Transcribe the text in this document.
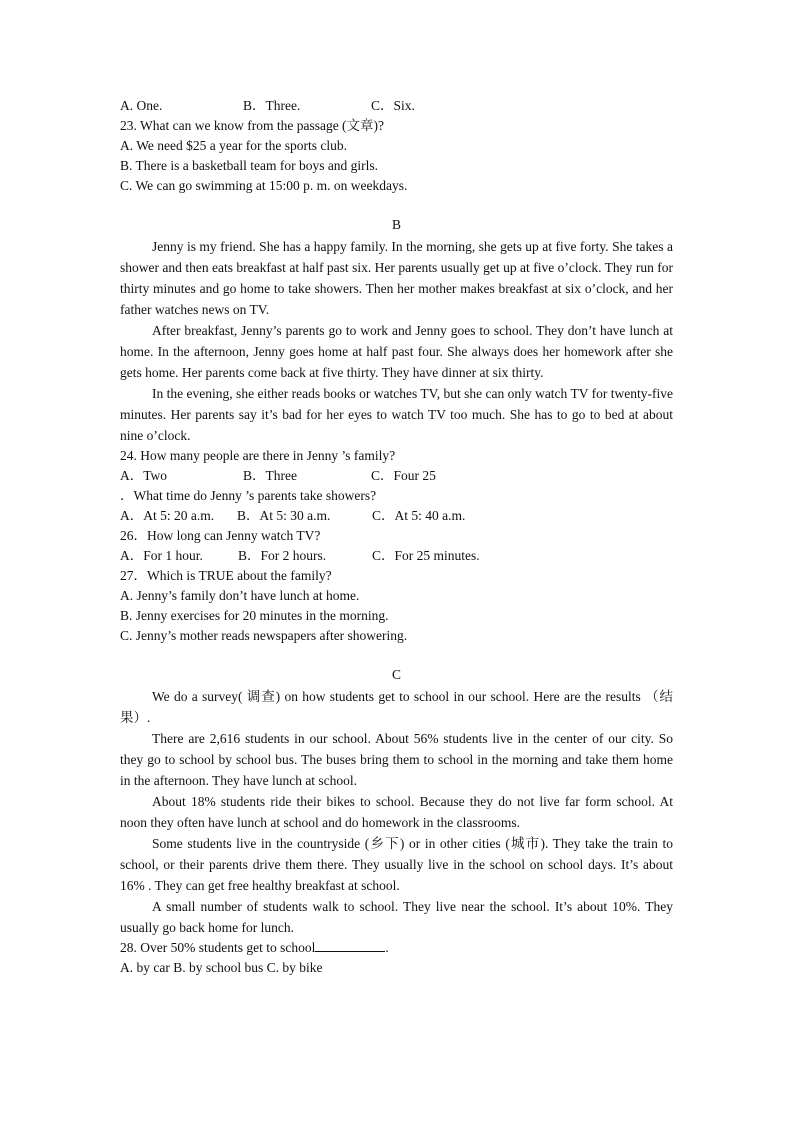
A. One.	B．Three.	C．Six.
23. What can we know from the passage (文章)?
A. We need $25 a year for the sports club.
B. There is a basketball team for boys and girls.
C. We can go swimming at 15:00 p. m. on weekdays.
B

Jenny is my friend. She has a happy family. In the morning, she gets up at five forty. She takes a shower and then eats breakfast at half past six. Her parents usually get up at five o’clock. They run for thirty minutes and go home to take showers. Then her mother makes breakfast at six o’clock, and her father watches news on TV.

After breakfast, Jenny’s parents go to work and Jenny goes to school. They don’t have lunch at home. In the afternoon, Jenny goes home at half past four. She always does her homework after she gets home. Her parents come back at five thirty. They have dinner at six thirty.

In the evening, she either reads books or watches TV, but she can only watch TV for twenty-five minutes. Her parents say it’s bad for her eyes to watch TV too much. She has to go to bed at about nine o’clock.

24. How many people are there in Jenny ’s family?
A．Two	B．Three	C．Four 25
．What time do Jenny ’s parents take showers?
A．At 5: 20 a.m.	B．At 5: 30 a.m.	C．At 5: 40 a.m.
26．How long can Jenny watch TV?
A．For 1 hour.	B．For 2 hours.	C．For 25 minutes.
27．Which is TRUE about the family?
A. Jenny’s family don’t have lunch at home.
B. Jenny exercises for 20 minutes in the morning.
C. Jenny’s mother reads newspapers after showering.
C

We do a survey( 调查) on how students get to school in our school. Here are the results （结果）.

There are 2,616 students in our school. About 56% students live in the center of our city. So they go to school by school bus. The buses bring them to school in the morning and take them home in the afternoon. They have lunch at school.

About 18% students ride their bikes to school. Because they do not live far form school. At noon they often have lunch at school and do homework in the classrooms.

Some students live in the countryside (乡下) or in other cities (城市). They take the train to school, or their parents drive them there. They usually live in the school on school days. It’s about 16% . They can get free healthy breakfast at school.

A small number of students walk to school. They live near the school. It’s about 10%. They usually go back home for lunch.

28. Over 50% students get to school	.
A. by car B. by school bus C. by bike
